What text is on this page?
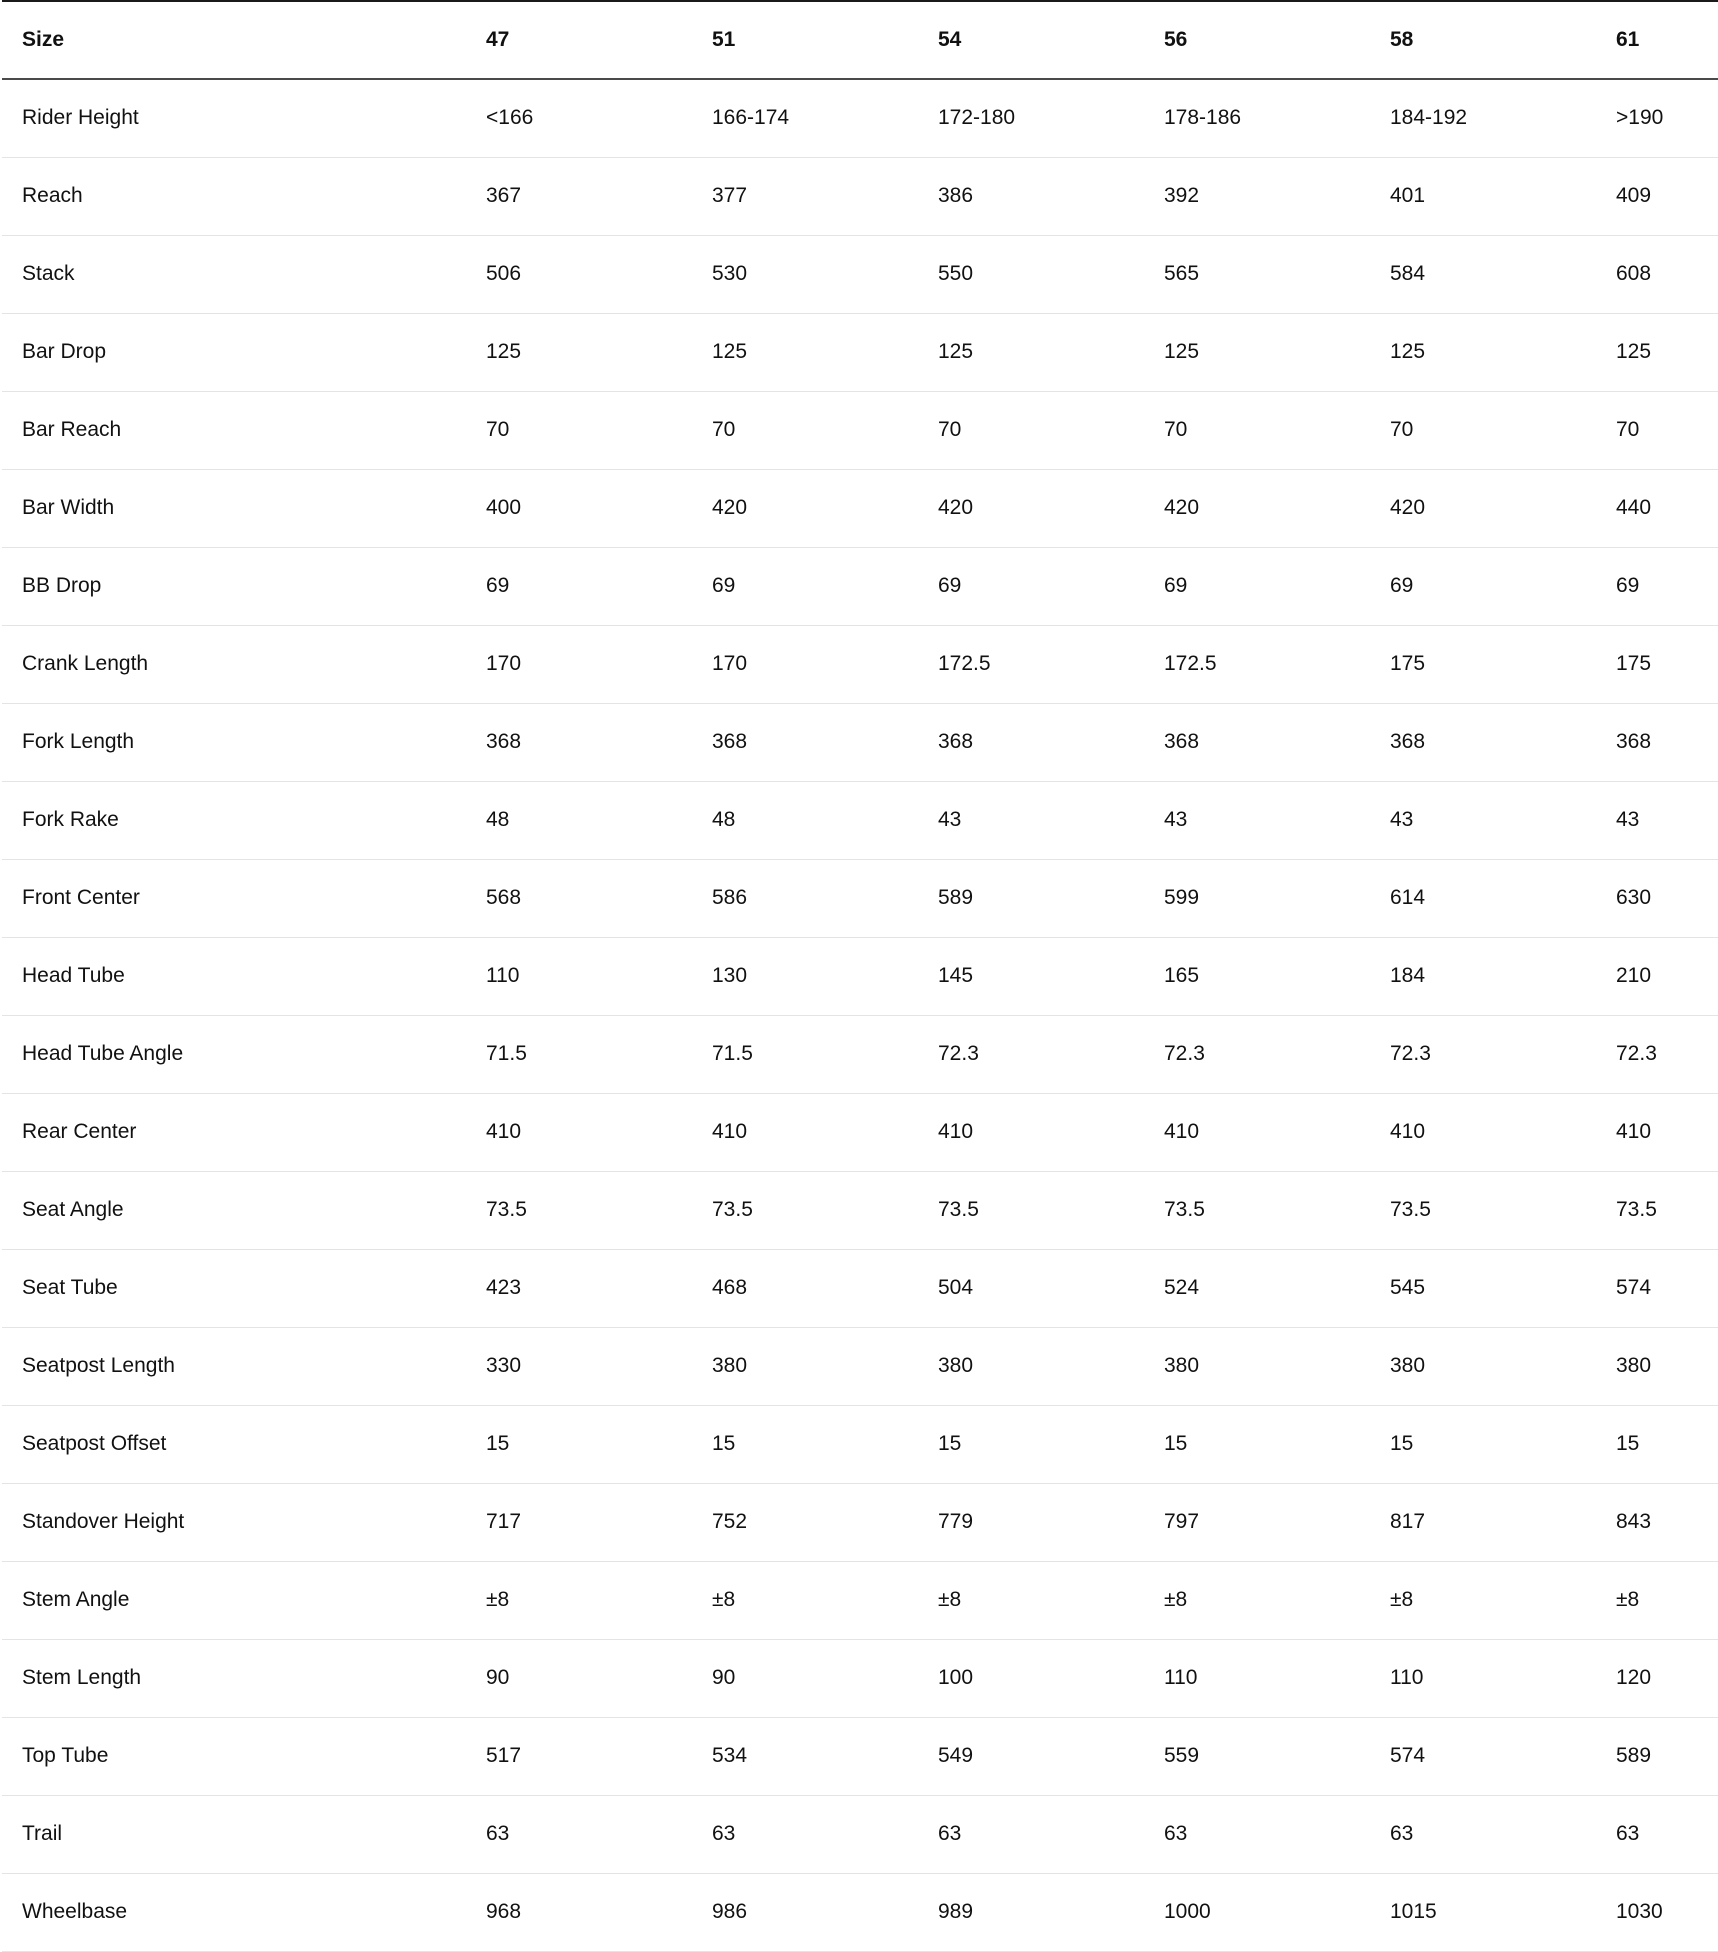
Size	47	51	54	56	58	61
Rider Height	<166	166-174	172-180	178-186	184-192	>190
Reach	367	377	386	392	401	409
Stack	506	530	550	565	584	608
Bar Drop	125	125	125	125	125	125
Bar Reach	70	70	70	70	70	70
Bar Width	400	420	420	420	420	440
BB Drop	69	69	69	69	69	69
Crank Length	170	170	172.5	172.5	175	175
Fork Length	368	368	368	368	368	368
Fork Rake	48	48	43	43	43	43
Front Center	568	586	589	599	614	630
Head Tube	110	130	145	165	184	210
Head Tube Angle	71.5	71.5	72.3	72.3	72.3	72.3
Rear Center	410	410	410	410	410	410
Seat Angle	73.5	73.5	73.5	73.5	73.5	73.5
Seat Tube	423	468	504	524	545	574
Seatpost Length	330	380	380	380	380	380
Seatpost Offset	15	15	15	15	15	15
Standover Height	717	752	779	797	817	843
Stem Angle	±8	±8	±8	±8	±8	±8
Stem Length	90	90	100	110	110	120
Top Tube	517	534	549	559	574	589
Trail	63	63	63	63	63	63
Wheelbase	968	986	989	1000	1015	1030
